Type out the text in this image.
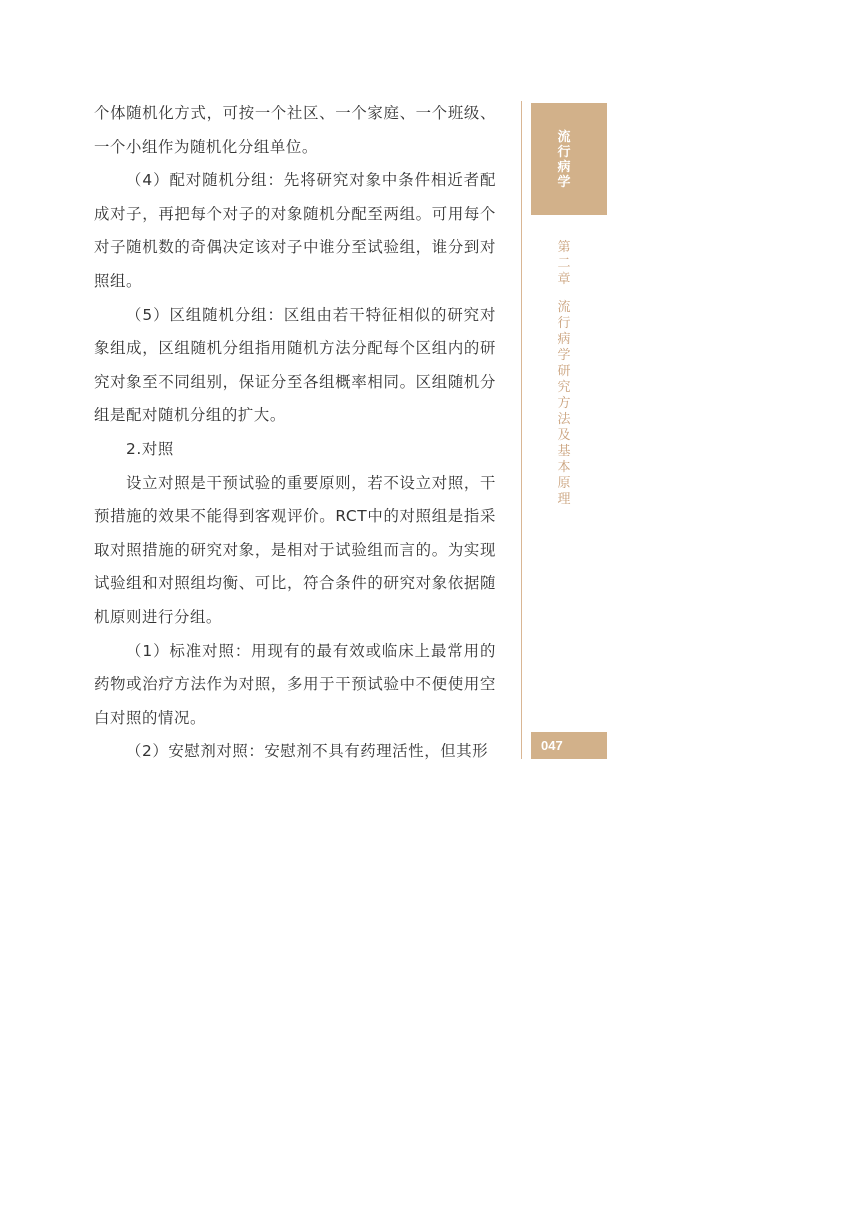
个体随机化方式，可按一个社区、一个家庭、一个班级、一个小组作为随机化分组单位。

（4）配对随机分组：先将研究对象中条件相近者配成对子，再把每个对子的对象随机分配至两组。可用每个对子随机数的奇偶决定该对子中谁分至试验组，谁分到对照组。

（5）区组随机分组：区组由若干特征相似的研究对象组成，区组随机分组指用随机方法分配每个区组内的研究对象至不同组别，保证分至各组概率相同。区组随机分组是配对随机分组的扩大。

2.对照

设立对照是干预试验的重要原则，若不设立对照，干预措施的效果不能得到客观评价。RCT中的对照组是指采取对照措施的研究对象，是相对于试验组而言的。为实现试验组和对照组均衡、可比，符合条件的研究对象依据随机原则进行分组。

（1）标准对照：用现有的最有效或临床上最常用的药物或治疗方法作为对照，多用于干预试验中不便使用空白对照的情况。

（2）安慰剂对照：安慰剂不具有药理活性，但其形

流
行
病
学
第
二
章
流
行
病
学
研
究
方
法
及
基
本
原
理
047
